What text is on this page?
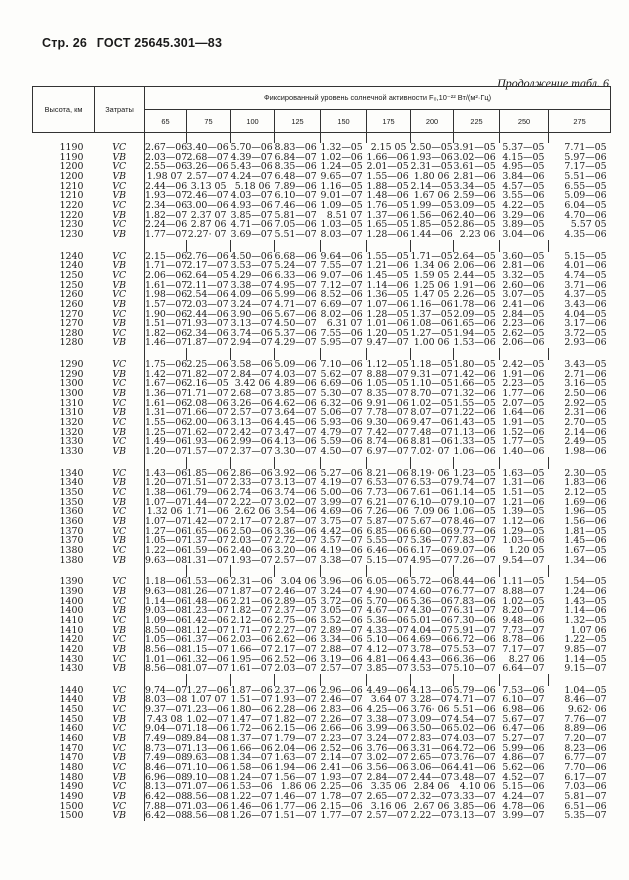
Стр. 26 ГОСТ 25645.301—83
Продолжение табл. 6
Высота, км	Затраты	Фиксированный уровень солнечной активности F₀,10⁻²² Вт/(м²·Гц)									
		65	75	100	125	150	175	200	225	250	275

1190	VC	2.67—06	3.40—06	5.70—06	8.83—06	1.32—05	2.15 05	2.50—05	3.91—05	5.37—05	7.71—05
1190	VB	2.03—07	2.68—07	4.39—07	6.84—07	1.02—06	1.66—06	1.93—06	3.02—06	4.15—05	5.97—06
1200	VC	2.55—06	3.26—06	5.43—06	8.35—06	1.24—05	2.01—05	2.31—05	3.61—05	4.95—05	7.17—05
1200	VB	1.98 07	2.57—07	4.24—07	6.48—07	9.65—07	1.55—06	1.80 06	2.81—06	3.84—06	5.51—06
1210	VC	2.44—06	3.13 05	5.18 06	7.89—06	1.16—05	1.88—05	2.14—05	3.34—05	4.57—05	6.55—05
1210	VB	1.93—07	2.46—07	4.03—07	6.10—07	9.01—07	1.48—06	1.67 06	2.59—06	3.55—06	5.09—06
1220	VC	2.34—06	3.00—06	4.93—06	7.46—06	1.09—05	1.76—05	1.99—05	3.09—05	4.22—05	6.04—05
1220	VB	1.82—07	2.37 07	3.85—07	5.81—07	8.51 07	1.37—06	1.56—06	2.40—06	3.29—06	4.70—06
1230	VC	2.24—06	2.87 06	4.71—06	7.05—06	1.03—05	1.65—05	1.85—05	2.86—05	3.89—05	5.57 05
1230	VB	1.77—07	2.27· 07	3.69—07	5.51—07	8.03—07	1.28—06	1.44—06	2.23 06	3.04—06	4.35—06

1240	VC	2.15—06	2.76—06	4.50—06	6.68—06	9.64—06	1.55—05	1.71—05	2.64—05	3.60—05	5.15—05
1240	VB	1.71—07	2.17—07	3.53—07	5.24—07	7.55—07	1.21—06	1.34 06	2.06—06	2.81—06	4.01—06
1250	VC	2.06—06	2.64—05	4.29—06	6.33—06	9.07—06	1.45—05	1.59 05	2.44—05	3.32—05	4.74—05
1250	VB	1.61—07	2.11—07	3.38—07	4.95—07	7.12—07	1.14—06	1.25 06	1.91—06	2.60—06	3.71—06
1260	VC	1.98—06	2.54—06	4.09—06	5.99—06	8.52—06	1.36—05	1.47 05	2.26—05	3.07—05	4.37—05
1260	VB	1.57—07	2.03—07	3.24—07	4.71—07	6.69—07	1.07—06	1.16—06	1.78—06	2.41—06	3.43—06
1270	VC	1.90—06	2.44—06	3.90—06	5.67—06	8.02—06	1.28—05	1.37—05	2.09—05	2.84—05	4.04—05
1270	VB	1.51—07	1.93—07	3.13—07	4.50—07	6.31 07	1.01—06	1.08—06	1.65—06	2.23—06	3.17—06
1280	VC	1.82—06	2.34—06	3.74—06	5.37—06	7.55—06	1.20—05	1.27—05	1.94—05	2.62—05	3.72—05
1280	VB	1.46—07	1.87—07	2.94—07	4.29—07	5.95—07	9.47—07	1.00 06	1.53—06	2.06—06	2.93—06

1290	VC	1.75—06	2.25—06	3.58—06	5.09—06	7.10—06	1.12—05	1.18—05	1.80—05	2.42—05	3.43—05
1290	VB	1.42—07	1.82—07	2.84—07	4.03—07	5.62—07	8.88—07	9.31—07	1.42—06	1.91—06	2.71—06
1300	VC	1.67—06	2.16—05	3.42 06	4.89—06	6.69—06	1.05—05	1.10—05	1.66—05	2.23—05	3.16—05
1300	VB	1.36—07	1.71—07	2.68—07	3.85—07	5.30—07	8.35—07	8.70—07	1.32—06	1.77—06	2.50—06
1310	VC	1.61—06	2.08—06	3.26—06	4.62—06	6.32—06	9.91—06	1.02—05	1.55—05	2.07—05	2.92—05
1310	VB	1.31—07	1.66—07	2.57—07	3.64—07	5.06—07	7.78—07	8.07—07	1.22—06	1.64—06	2.31—06
1320	VC	1.55—06	2.00—06	3.13—06	4.45—06	5.93—06	9.30—06	9.47—06	1.43—05	1.91—05	2.70—05
1320	VB	1.25—07	1.62—07	2.42—07	3.47—07	4.79—07	7.42—07	7.48—07	1.13—06	1.52—06	2.14—06
1330	VC	1.49—06	1.93—06	2.99—06	4.13—06	5.59—06	8.74—06	8.81—06	1.33—05	1.77—05	2.49—05
1330	VB	1.20—07	1.57—07	2.37—07	3.30—07	4.50—07	6.97—07	7.02· 07	1.06—06	1.40—06	1.98—06

1340	VC	1.43—06	1.85—06	2.86—06	3.92—06	5.27—06	8.21—06	8.19· 06	1.23—05	1.63—05	2.30—05
1340	VB	1.20—07	1.51—07	2.33—07	3.13—07	4.19—07	6.53—07	6.53—07	9.74—07	1.31—06	1.83—06
1350	VC	1.38—06	1.79—06	2.74—06	3.74—06	5.00—06	7.73—06	7.61—06	1.14—05	1.51—05	2.12—05
1350	VB	1.07—07	1.44—07	2.22—07	3.02—07	3.99—07	6.21—07	6.10—07	9.10—07	1.21—06	1.69—06
1360	VC	1.32 06	1.71—06	2.62 06	3.54—06	4.69—06	7.26—06	7.09 06	1.06—05	1.39—05	1.96—05
1360	VB	1.07—07	1.42—07	2.17—07	2.87—07	3.75—07	5.87—07	5.67—07	8.46—07	1.12—06	1.56—06
1370	VC	1.27—06	1.65—06	2.50—06	3.36—06	4.42—06	6.85—06	6.60—06	9.77—06	1.29—05	1.81—05
1370	VB	1.05—07	1.37—07	2.03—07	2.72—07	3.57—07	5.55—07	5.36—07	7.83—07	1.03—06	1.45—06
1380	VC	1.22—06	1.59—06	2.40—06	3.20—06	4.19—06	6.46—06	6.17—06	9.07—06	1.20 05	1.67—05
1380	VB	9.63—08	1.31—07	1.93—07	2.57—07	3.38—07	5.15—07	4.95—07	7.26—07	9.54—07	1.34—06

1390	VC	1.18—06	1.53—06	2.31—06	3.04 06	3.96—06	6.05—06	5.72—06	8.44—06	1.11—05	1.54—05
1390	VB	9.63—08	1.26—07	1.87—07	2.46—07	3.24—07	4.90—07	4.60—07	6.77—07	8.88—07	1.24—06
1400	VC	1.14—06	1.48—06	2.21—06	2.89—05	3.72—06	5.70—06	5.36—06	7.83—06	1.02—05	1.43—05
1400	VB	9.03—08	1.23—07	1.82—07	2.37—07	3.05—07	4.67—07	4.30—07	6.31—07	8.20—07	1.14—06
1410	VC	1.09—06	1.42—06	2.12—06	2.75—06	3.52—06	5.36—06	5.01—06	7.30—06	9.48—06	1.32—05
1410	VB	8.50—08	1.12—07	1.71—07	2.27—07	2.89—07	4.33—07	4.04—07	5.91—07	7.73—07	1.07 06
1420	VC	1.05—06	1.37—06	2.03—06	2.62—06	3.34—06	5.10—06	4.69—06	6.72—06	8.78—06	1.22—05
1420	VB	8.56—08	1.15—07	1.66—07	2.17—07	2.88—07	4.12—07	3.78—07	5.53—07	7.17—07	9.85—07
1430	VC	1.01—06	1.32—06	1.95—06	2.52—06	3.19—06	4.81—06	4.43—06	6.36—06	8.27 06	1.14—05
1430	VB	8.56—08	1.07—07	1.61—07	2.03—07	2.57—07	3.85—07	3.53—07	5.10—07	6.64—07	9.15—07

1440	VC	9.74—07	1.27—06	1.87—06	2.37—06	2.96—06	4.49—06	4.13—06	5.79—06	7.53—06	1.04—05
1440	VB	8.03—08	1.07 07	1.51—07	1.93—07	2.46—07	3.64 07	3.28—07	4.71—07	6.10—07	8.46—07
1450	VC	9.37—07	1.23—06	1.80—06	2.28—06	2.83—06	4.25—06	3.76· 06	5.51—06	6.98—06	9.62· 06
1450	VB	7.43 08	1.02—07	1.47—07	1.82—07	2.26—07	3.38—07	3.09—07	4.54—07	5.67—07	7.76—07
1460	VC	9.04—07	1.18—06	1.72—06	2.15—06	2.66—06	3.99—06	3.50—06	5.02—06	6.47—06	8.89—06
1460	VB	7.49—08	9.84—08	1.37—07	1.79—07	2.23—07	3.24—07	2.83—07	4.03—07	5.27—07	7.20—07
1470	VC	8.73—07	1.13—06	1.66—06	2.04—06	2.52—06	3.76—06	3.31—06	4.72—06	5.99—06	8.23—06
1470	VB	7.49—08	9.63—08	1.34—07	1.63—07	2.14—07	3.02—07	2.65—07	3.76—07	4.86—07	6.77—07
1480	VC	8.46—07	1.10—06	1.58—06	1.94—06	2.41—06	3.56—06	3.06—06	4.41—06	5.62—06	7.70—06
1480	VB	6.96—08	9.10—08	1.24—07	1.56—07	1.93—07	2.84—07	2.44—07	3.48—07	4.52—07	6.17—07
1490	VC	8.13—07	1.07—06	1.53—06	1.86 06	2.25—06	3.35 06	2.84 06	4.10 06	5.15—06	7.03—06
1490	VB	6.42—08	8.56—08	1.22—07	1.46—07	1.78—07	2.65—07	2.32—07	3.33—07	4.24—07	5.81—07
1500	VC	7.88—07	1.03—06	1.46—06	1.77—06	2.15—06	3.16 06	2.67 06	3.85—06	4.78—06	6.51—06
1500	VB	6.42—08	8.56—08	1.26—07	1.51—07	1.77—07	2.57—07	2.22—07	3.13—07	3.99—07	5.35—07
